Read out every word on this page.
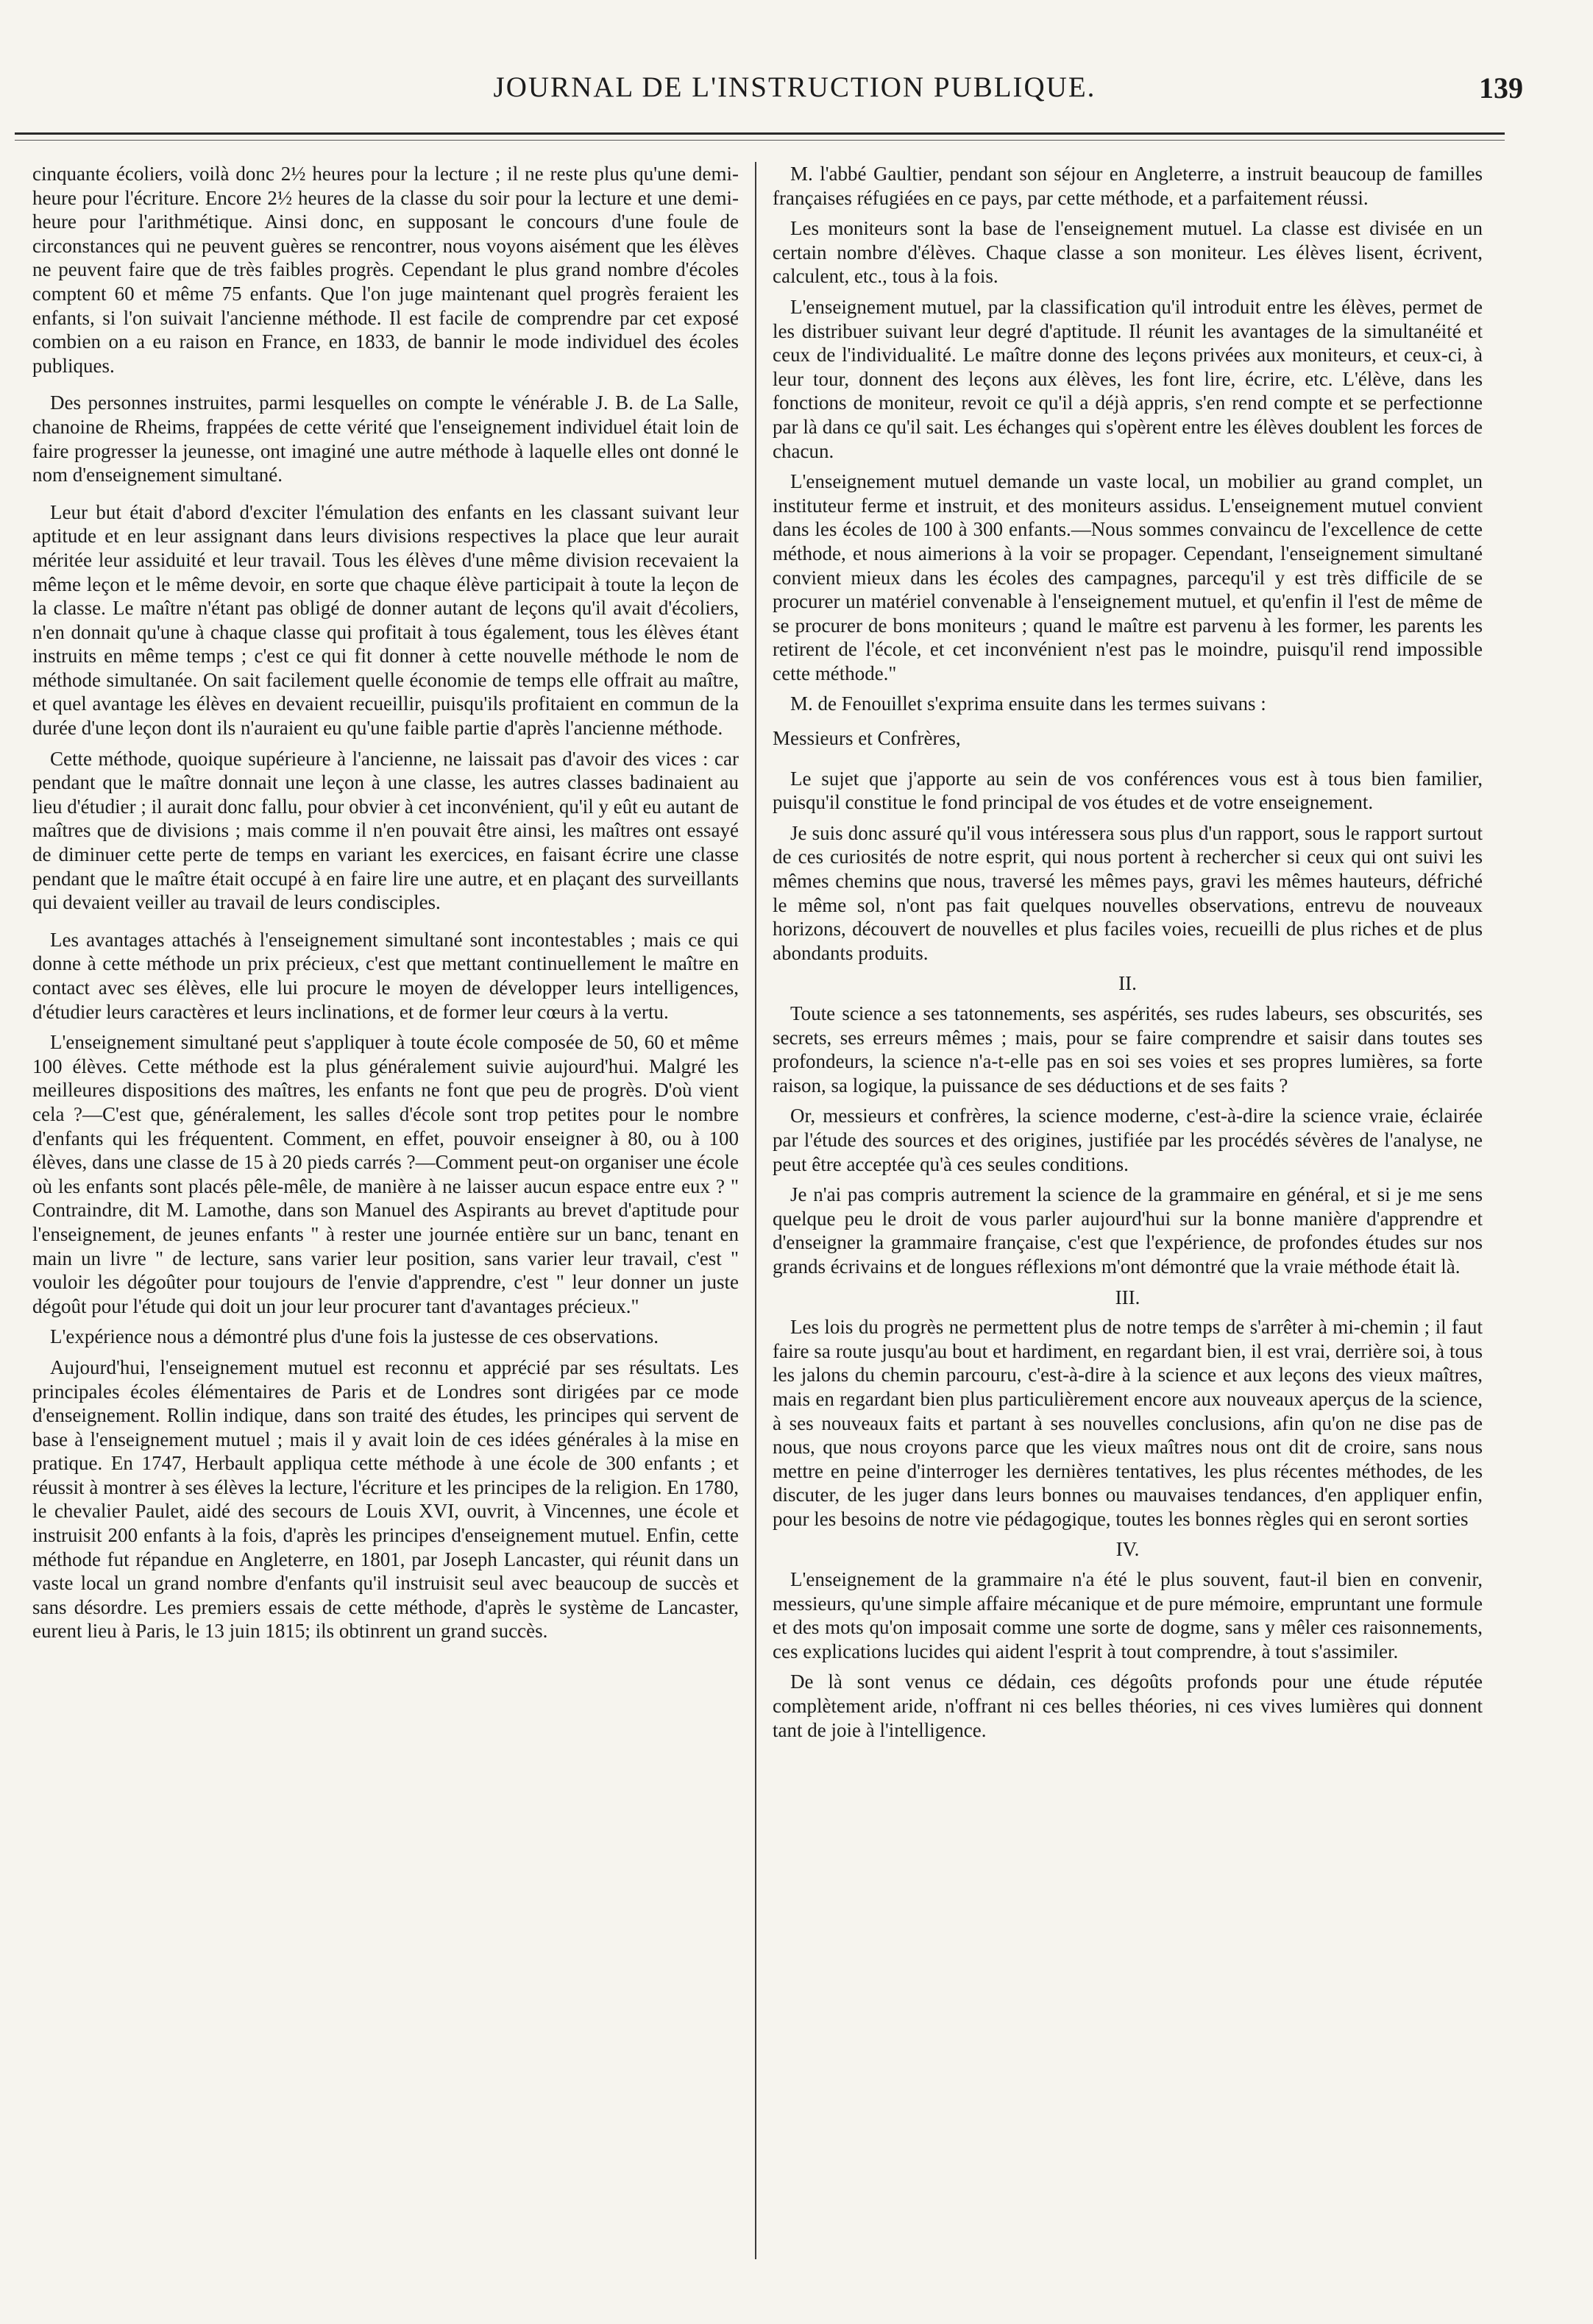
JOURNAL DE L'INSTRUCTION PUBLIQUE.	139

cinquante écoliers, voilà donc 2½ heures pour la lecture ; il ne reste plus qu'une demi-heure pour l'écriture. Encore 2½ heures de la classe du soir pour la lecture et une demi-heure pour l'arithmétique. Ainsi donc, en supposant le concours d'une foule de circonstances qui ne peuvent guères se rencontrer, nous voyons aisément que les élèves ne peuvent faire que de très faibles progrès. Cependant le plus grand nombre d'écoles comptent 60 et même 75 enfants. Que l'on juge maintenant quel progrès feraient les enfants, si l'on suivait l'ancienne méthode. Il est facile de comprendre par cet exposé combien on a eu raison en France, en 1833, de bannir le mode individuel des écoles publiques.

Des personnes instruites, parmi lesquelles on compte le vénérable J. B. de La Salle, chanoine de Rheims, frappées de cette vérité que l'enseignement individuel était loin de faire progresser la jeunesse, ont imaginé une autre méthode à laquelle elles ont donné le nom d'enseignement simultané.

Leur but était d'abord d'exciter l'émulation des enfants en les classant suivant leur aptitude et en leur assignant dans leurs divisions respectives la place que leur aurait méritée leur assiduité et leur travail. Tous les élèves d'une même division recevaient la même leçon et le même devoir, en sorte que chaque élève participait à toute la leçon de la classe. Le maître n'étant pas obligé de donner autant de leçons qu'il avait d'écoliers, n'en donnait qu'une à chaque classe qui profitait à tous également, tous les élèves étant instruits en même temps ; c'est ce qui fit donner à cette nouvelle méthode le nom de méthode simultanée. On sait facilement quelle économie de temps elle offrait au maître, et quel avantage les élèves en devaient recueillir, puisqu'ils profitaient en commun de la durée d'une leçon dont ils n'auraient eu qu'une faible partie d'après l'ancienne méthode.

Cette méthode, quoique supérieure à l'ancienne, ne laissait pas d'avoir des vices : car pendant que le maître donnait une leçon à une classe, les autres classes badinaient au lieu d'étudier ; il aurait donc fallu, pour obvier à cet inconvénient, qu'il y eût eu autant de maîtres que de divisions ; mais comme il n'en pouvait être ainsi, les maîtres ont essayé de diminuer cette perte de temps en variant les exercices, en faisant écrire une classe pendant que le maître était occupé à en faire lire une autre, et en plaçant des surveillants qui devaient veiller au travail de leurs condisciples.

Les avantages attachés à l'enseignement simultané sont incontestables ; mais ce qui donne à cette méthode un prix précieux, c'est que mettant continuellement le maître en contact avec ses élèves, elle lui procure le moyen de développer leurs intelligences, d'étudier leurs caractères et leurs inclinations, et de former leur cœurs à la vertu.

L'enseignement simultané peut s'appliquer à toute école composée de 50, 60 et même 100 élèves. Cette méthode est la plus généralement suivie aujourd'hui. Malgré les meilleures dispositions des maîtres, les enfants ne font que peu de progrès. D'où vient cela ?—C'est que, généralement, les salles d'école sont trop petites pour le nombre d'enfants qui les fréquentent. Comment, en effet, pouvoir enseigner à 80, ou à 100 élèves, dans une classe de 15 à 20 pieds carrés ?—Comment peut-on organiser une école où les enfants sont placés pêle-mêle, de manière à ne laisser aucun espace entre eux ? " Contraindre, dit M. Lamothe, dans son Manuel des Aspirants au brevet d'aptitude pour l'enseignement, de jeunes enfants " à rester une journée entière sur un banc, tenant en main un livre " de lecture, sans varier leur position, sans varier leur travail, c'est " vouloir les dégoûter pour toujours de l'envie d'apprendre, c'est " leur donner un juste dégoût pour l'étude qui doit un jour leur procurer tant d'avantages précieux."

L'expérience nous a démontré plus d'une fois la justesse de ces observations.

Aujourd'hui, l'enseignement mutuel est reconnu et apprécié par ses résultats. Les principales écoles élémentaires de Paris et de Londres sont dirigées par ce mode d'enseignement. Rollin indique, dans son traité des études, les principes qui servent de base à l'enseignement mutuel ; mais il y avait loin de ces idées générales à la mise en pratique. En 1747, Herbault appliqua cette méthode à une école de 300 enfants ; et réussit à montrer à ses élèves la lecture, l'écriture et les principes de la religion. En 1780, le chevalier Paulet, aidé des secours de Louis XVI, ouvrit, à Vincennes, une école et instruisit 200 enfants à la fois, d'après les principes d'enseignement mutuel. Enfin, cette méthode fut répandue en Angleterre, en 1801, par Joseph Lancaster, qui réunit dans un vaste local un grand nombre d'enfants qu'il instruisit seul avec beaucoup de succès et sans désordre. Les premiers essais de cette méthode, d'après le système de Lancaster, eurent lieu à Paris, le 13 juin 1815; ils obtinrent un grand succès.

M. l'abbé Gaultier, pendant son séjour en Angleterre, a instruit beaucoup de familles françaises réfugiées en ce pays, par cette méthode, et a parfaitement réussi.

Les moniteurs sont la base de l'enseignement mutuel. La classe est divisée en un certain nombre d'élèves. Chaque classe a son moniteur. Les élèves lisent, écrivent, calculent, etc., tous à la fois.

L'enseignement mutuel, par la classification qu'il introduit entre les élèves, permet de les distribuer suivant leur degré d'aptitude. Il réunit les avantages de la simultanéité et ceux de l'individualité. Le maître donne des leçons privées aux moniteurs, et ceux-ci, à leur tour, donnent des leçons aux élèves, les font lire, écrire, etc. L'élève, dans les fonctions de moniteur, revoit ce qu'il a déjà appris, s'en rend compte et se perfectionne par là dans ce qu'il sait. Les échanges qui s'opèrent entre les élèves doublent les forces de chacun.

L'enseignement mutuel demande un vaste local, un mobilier au grand complet, un instituteur ferme et instruit, et des moniteurs assidus. L'enseignement mutuel convient dans les écoles de 100 à 300 enfants.—Nous sommes convaincu de l'excellence de cette méthode, et nous aimerions à la voir se propager. Cependant, l'enseignement simultané convient mieux dans les écoles des campagnes, parcequ'il y est très difficile de se procurer un matériel convenable à l'enseignement mutuel, et qu'enfin il l'est de même de se procurer de bons moniteurs ; quand le maître est parvenu à les former, les parents les retirent de l'école, et cet inconvénient n'est pas le moindre, puisqu'il rend impossible cette méthode."

M. de Fenouillet s'exprima ensuite dans les termes suivans :

Messieurs et Confrères,

Le sujet que j'apporte au sein de vos conférences vous est à tous bien familier, puisqu'il constitue le fond principal de vos études et de votre enseignement.

Je suis donc assuré qu'il vous intéressera sous plus d'un rapport, sous le rapport surtout de ces curiosités de notre esprit, qui nous portent à rechercher si ceux qui ont suivi les mêmes chemins que nous, traversé les mêmes pays, gravi les mêmes hauteurs, défriché le même sol, n'ont pas fait quelques nouvelles observations, entrevu de nouveaux horizons, découvert de nouvelles et plus faciles voies, recueilli de plus riches et de plus abondants produits.

II.

Toute science a ses tatonnements, ses aspérités, ses rudes labeurs, ses obscurités, ses secrets, ses erreurs mêmes ; mais, pour se faire comprendre et saisir dans toutes ses profondeurs, la science n'a-t-elle pas en soi ses voies et ses propres lumières, sa forte raison, sa logique, la puissance de ses déductions et de ses faits ?

Or, messieurs et confrères, la science moderne, c'est-à-dire la science vraie, éclairée par l'étude des sources et des origines, justifiée par les procédés sévères de l'analyse, ne peut être acceptée qu'à ces seules conditions.

Je n'ai pas compris autrement la science de la grammaire en général, et si je me sens quelque peu le droit de vous parler aujourd'hui sur la bonne manière d'apprendre et d'enseigner la grammaire française, c'est que l'expérience, de profondes études sur nos grands écrivains et de longues réflexions m'ont démontré que la vraie méthode était là.

III.

Les lois du progrès ne permettent plus de notre temps de s'arrêter à mi-chemin ; il faut faire sa route jusqu'au bout et hardiment, en regardant bien, il est vrai, derrière soi, à tous les jalons du chemin parcouru, c'est-à-dire à la science et aux leçons des vieux maîtres, mais en regardant bien plus particulièrement encore aux nouveaux aperçus de la science, à ses nouveaux faits et partant à ses nouvelles conclusions, afin qu'on ne dise pas de nous, que nous croyons parce que les vieux maîtres nous ont dit de croire, sans nous mettre en peine d'interroger les dernières tentatives, les plus récentes méthodes, de les discuter, de les juger dans leurs bonnes ou mauvaises tendances, d'en appliquer enfin, pour les besoins de notre vie pédagogique, toutes les bonnes règles qui en seront sorties

IV.

L'enseignement de la grammaire n'a été le plus souvent, faut-il bien en convenir, messieurs, qu'une simple affaire mécanique et de pure mémoire, empruntant une formule et des mots qu'on imposait comme une sorte de dogme, sans y mêler ces raisonnements, ces explications lucides qui aident l'esprit à tout comprendre, à tout s'assimiler.

De là sont venus ce dédain, ces dégoûts profonds pour une étude réputée complètement aride, n'offrant ni ces belles théories, ni ces vives lumières qui donnent tant de joie à l'intelligence.
